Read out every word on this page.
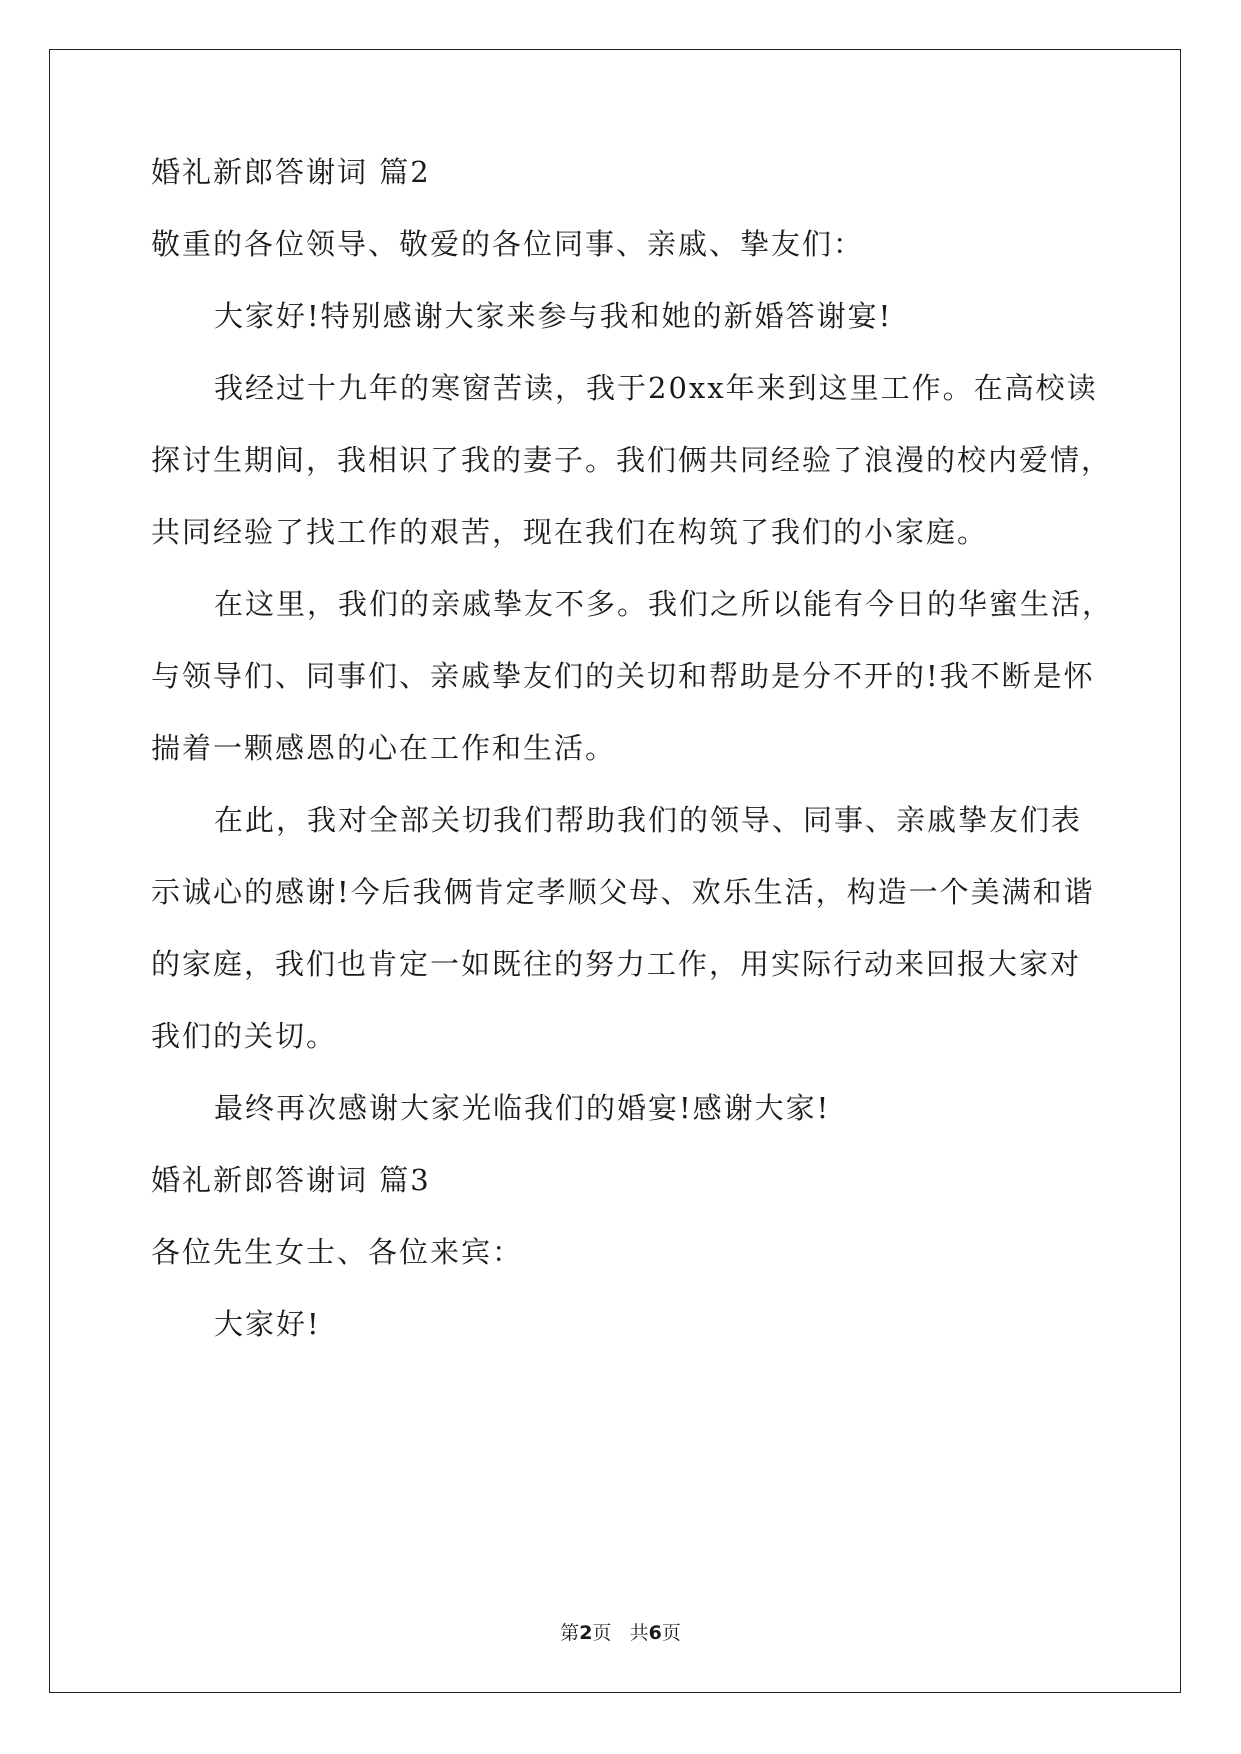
婚礼新郎答谢词 篇2
敬重的各位领导、敬爱的各位同事、亲戚、挚友们：
大家好!特别感谢大家来参与我和她的新婚答谢宴!
我经过十九年的寒窗苦读，我于20xx年来到这里工作。在高校读
探讨生期间，我相识了我的妻子。我们俩共同经验了浪漫的校内爱情，
共同经验了找工作的艰苦，现在我们在构筑了我们的小家庭。
在这里，我们的亲戚挚友不多。我们之所以能有今日的华蜜生活，
与领导们、同事们、亲戚挚友们的关切和帮助是分不开的!我不断是怀
揣着一颗感恩的心在工作和生活。
在此，我对全部关切我们帮助我们的领导、同事、亲戚挚友们表
示诚心的感谢!今后我俩肯定孝顺父母、欢乐生活，构造一个美满和谐
的家庭，我们也肯定一如既往的努力工作，用实际行动来回报大家对
我们的关切。
最终再次感谢大家光临我们的婚宴!感谢大家!
婚礼新郎答谢词 篇3
各位先生女士、各位来宾：
大家好!
第2页 共6页
